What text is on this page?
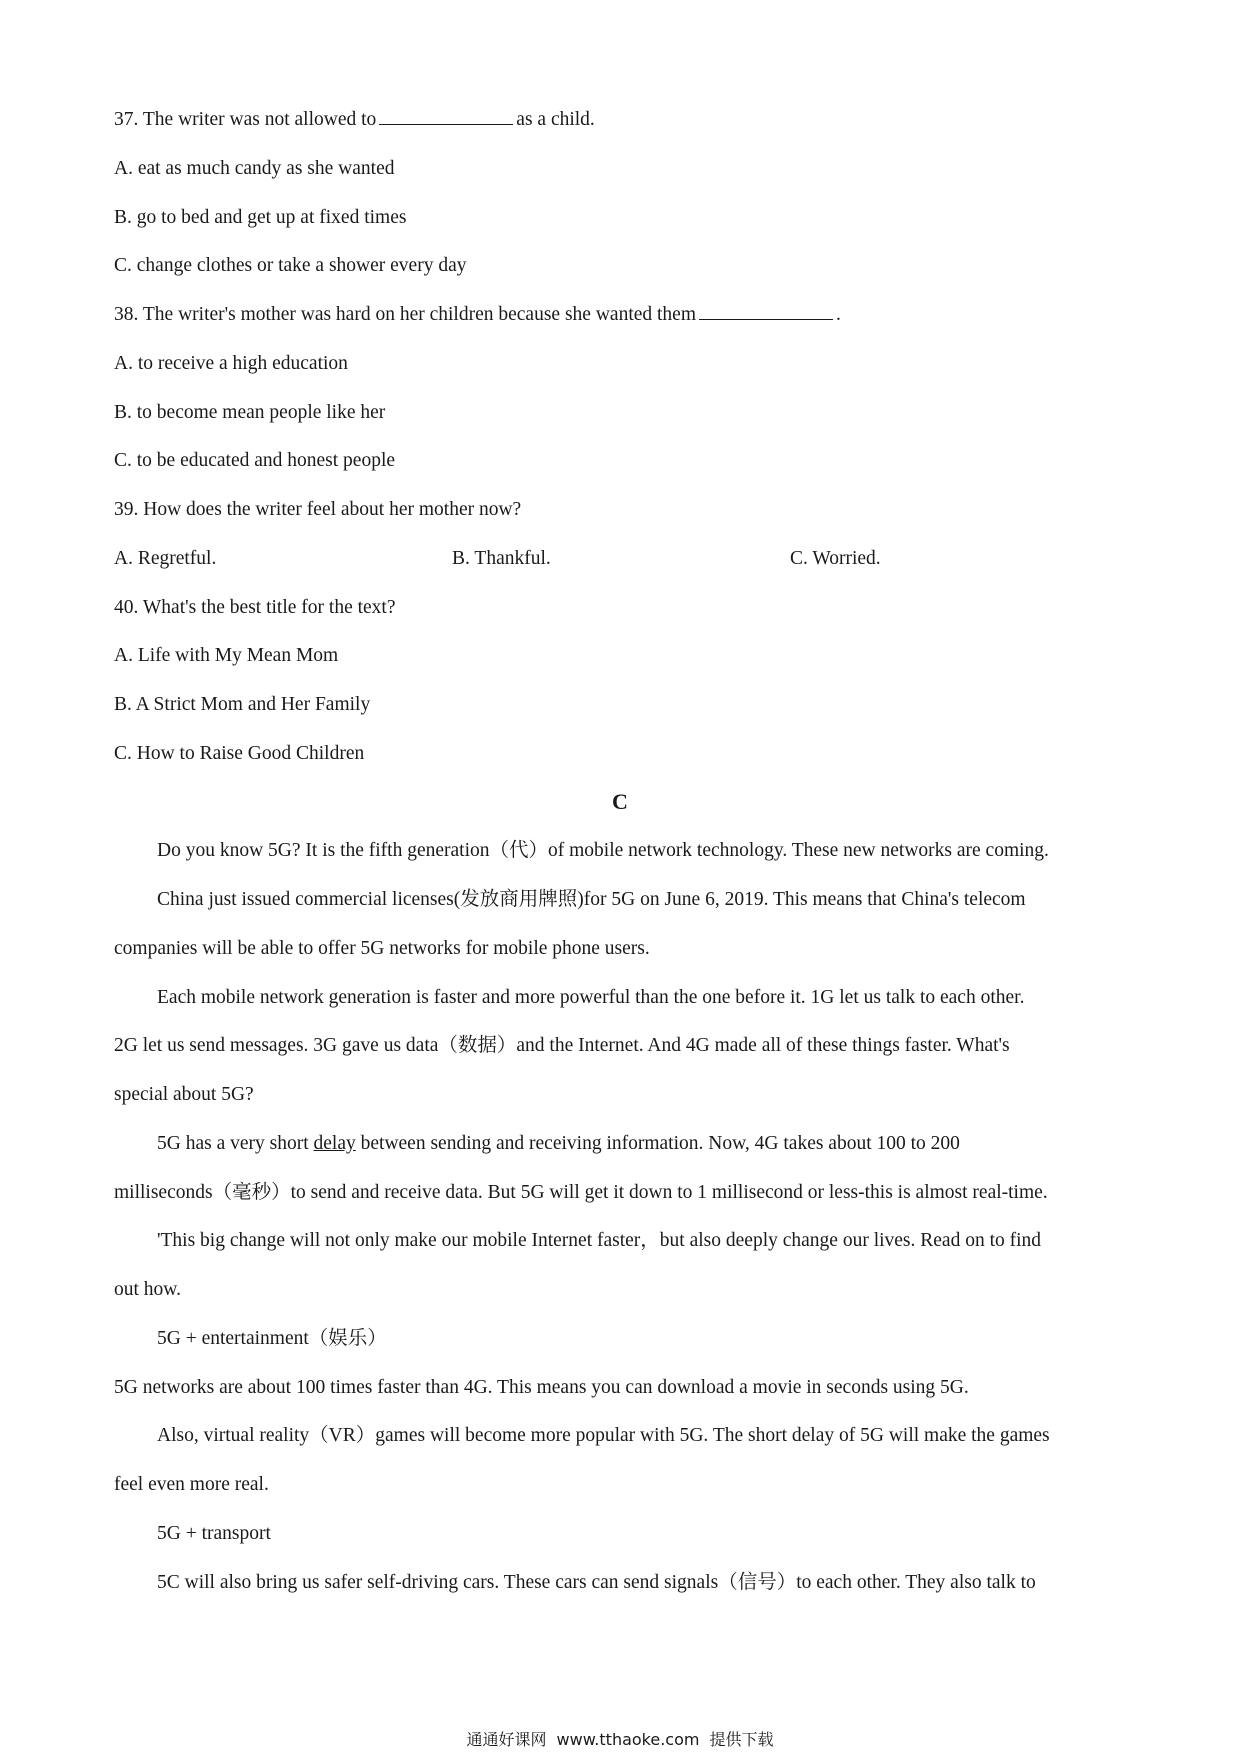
37. The writer was not allowed to	as a child.
A. eat as much candy as she wanted
B. go to bed and get up at fixed times
C. change clothes or take a shower every day
38. The writer's mother was hard on her children because she wanted them	.
A. to receive a high education
B. to become mean people like her
C. to be educated and honest people
39. How does the writer feel about her mother now?
A. Regretful.	B. Thankful.	C. Worried.
40. What's the best title for the text?
A. Life with My Mean Mom
B. A Strict Mom and Her Family
C. How to Raise Good Children
C
Do you know 5G? It is the fifth generation（代）of mobile network technology. These new networks are coming.
China just issued commercial licenses(发放商用牌照)for 5G on June 6, 2019. This means that China's telecom
companies will be able to offer 5G networks for mobile phone users.
Each mobile network generation is faster and more powerful than the one before it. 1G let us talk to each other.
2G let us send messages. 3G gave us data（数据）and the Internet. And 4G made all of these things faster. What's
special about 5G?
5G has a very short delay between sending and receiving information. Now, 4G takes about 100 to 200
milliseconds（毫秒）to send and receive data. But 5G will get it down to 1 millisecond or less-this is almost real-time.
'This big change will not only make our mobile Internet faster，but also deeply change our lives. Read on to find
out how.
5G + entertainment（娱乐）
5G networks are about 100 times faster than 4G. This means you can download a movie in seconds using 5G.
Also, virtual reality（VR）games will become more popular with 5G. The short delay of 5G will make the games
feel even more real.
5G + transport
5C will also bring us safer self-driving cars. These cars can send signals（信号）to each other. They also talk to
通通好课网 www.tthaoke.com 提供下载
